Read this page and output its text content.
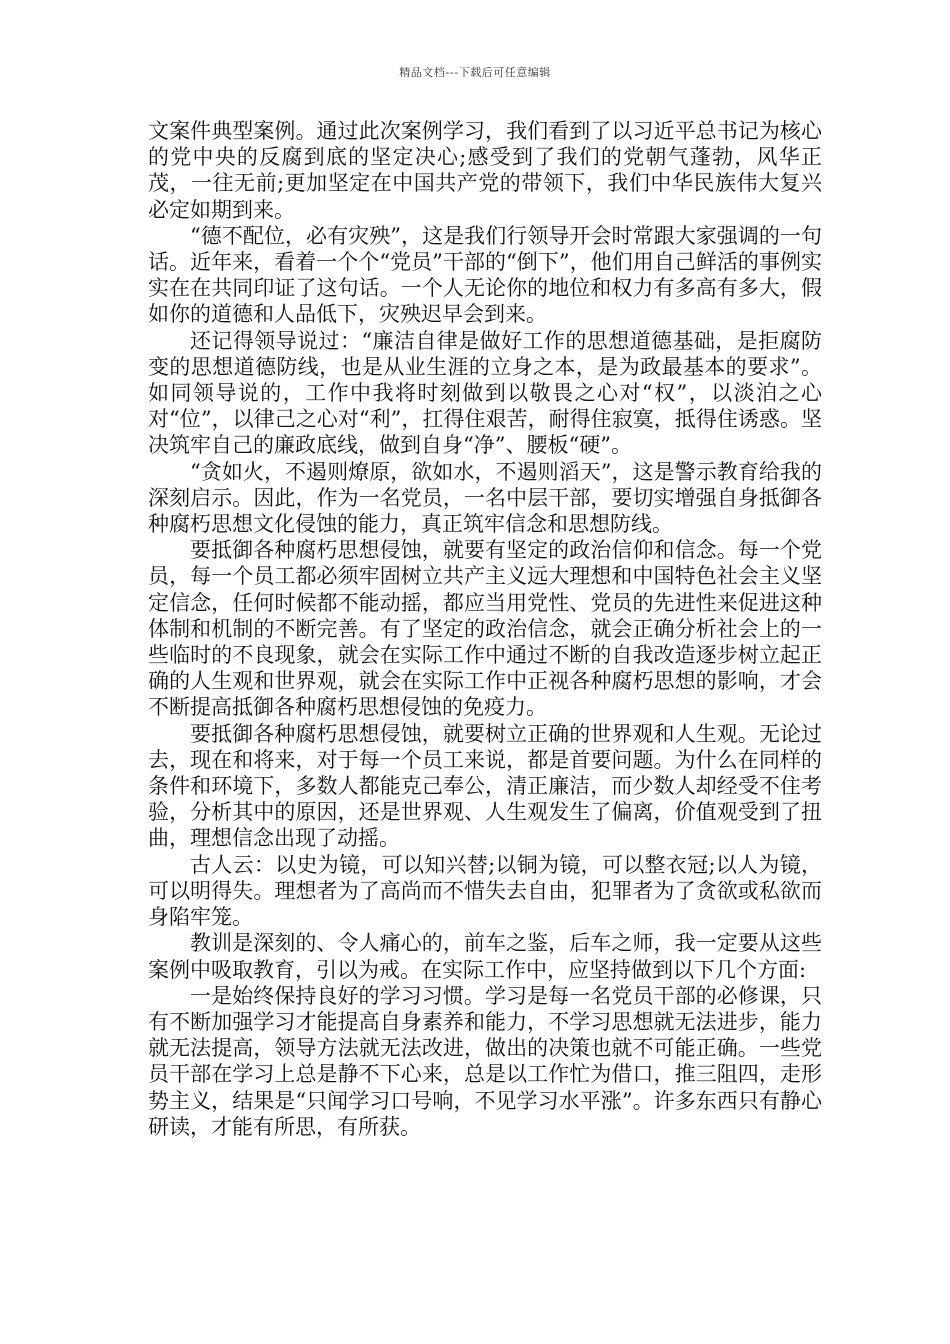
精品文档---下载后可任意编辑

文案件典型案例。通过此次案例学习，我们看到了以习近平总书记为核心的党中央的反腐到底的坚定决心;感受到了我们的党朝气蓬勃，风华正茂，一往无前;更加坚定在中国共产党的带领下，我们中华民族伟大复兴必定如期到来。

“德不配位，必有灾殃”，这是我们行领导开会时常跟大家强调的一句话。近年来，看着一个个“党员”干部的“倒下”，他们用自己鲜活的事例实实在在共同印证了这句话。一个人无论你的地位和权力有多高有多大，假如你的道德和人品低下，灾殃迟早会到来。

还记得领导说过：“廉洁自律是做好工作的思想道德基础，是拒腐防变的思想道德防线，也是从业生涯的立身之本，是为政最基本的要求”。如同领导说的，工作中我将时刻做到以敬畏之心对“权”，以淡泊之心对“位”，以律己之心对“利”，扛得住艰苦，耐得住寂寞，抵得住诱惑。坚决筑牢自己的廉政底线，做到自身“净”、腰板“硬”。

“贪如火，不遏则燎原，欲如水，不遏则滔天”，这是警示教育给我的深刻启示。因此，作为一名党员，一名中层干部，要切实增强自身抵御各种腐朽思想文化侵蚀的能力，真正筑牢信念和思想防线。

要抵御各种腐朽思想侵蚀，就要有坚定的政治信仰和信念。每一个党员，每一个员工都必须牢固树立共产主义远大理想和中国特色社会主义坚定信念，任何时候都不能动摇，都应当用党性、党员的先进性来促进这种体制和机制的不断完善。有了坚定的政治信念，就会正确分析社会上的一些临时的不良现象，就会在实际工作中通过不断的自我改造逐步树立起正确的人生观和世界观，就会在实际工作中正视各种腐朽思想的影响，才会不断提高抵御各种腐朽思想侵蚀的免疫力。

要抵御各种腐朽思想侵蚀，就要树立正确的世界观和人生观。无论过去，现在和将来，对于每一个员工来说，都是首要问题。为什么在同样的条件和环境下，多数人都能克己奉公，清正廉洁，而少数人却经受不住考验，分析其中的原因，还是世界观、人生观发生了偏离，价值观受到了扭曲，理想信念出现了动摇。

古人云：以史为镜，可以知兴替;以铜为镜，可以整衣冠;以人为镜，可以明得失。理想者为了高尚而不惜失去自由，犯罪者为了贪欲或私欲而身陷牢笼。

教训是深刻的、令人痛心的，前车之鉴，后车之师，我一定要从这些案例中吸取教育，引以为戒。在实际工作中，应坚持做到以下几个方面:

一是始终保持良好的学习习惯。学习是每一名党员干部的必修课，只有不断加强学习才能提高自身素养和能力，不学习思想就无法进步，能力就无法提高，领导方法就无法改进，做出的决策也就不可能正确。一些党员干部在学习上总是静不下心来，总是以工作忙为借口，推三阻四，走形势主义，结果是“只闻学习口号响，不见学习水平涨”。许多东西只有静心研读，才能有所思，有所获。
